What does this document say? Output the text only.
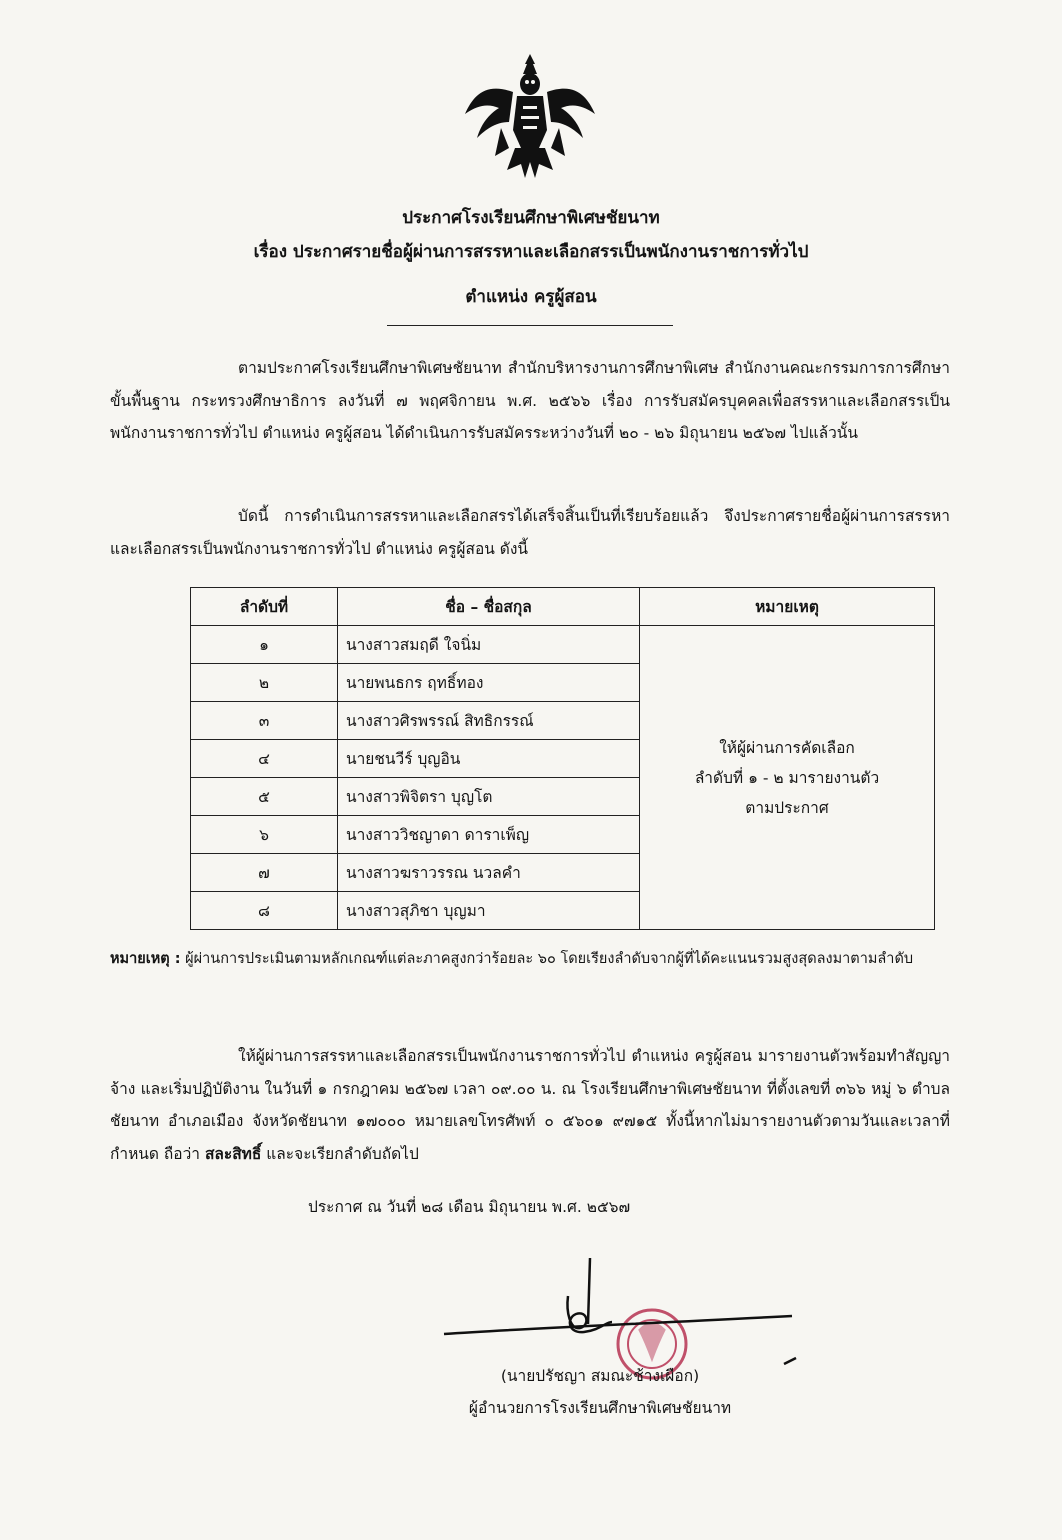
ประกาศโรงเรียนศึกษาพิเศษชัยนาท
เรื่อง ประกาศรายชื่อผู้ผ่านการสรรหาและเลือกสรรเป็นพนักงานราชการทั่วไป
ตำแหน่ง ครูผู้สอน
ตามประกาศโรงเรียนศึกษาพิเศษชัยนาท สำนักบริหารงานการศึกษาพิเศษ สำนักงานคณะกรรมการการศึกษาขั้นพื้นฐาน กระทรวงศึกษาธิการ ลงวันที่ ๗ พฤศจิกายน พ.ศ. ๒๕๖๖ เรื่อง การรับสมัครบุคคลเพื่อสรรหาและเลือกสรรเป็นพนักงานราชการทั่วไป ตำแหน่ง ครูผู้สอน ได้ดำเนินการรับสมัครระหว่างวันที่ ๒๐ - ๒๖ มิถุนายน ๒๕๖๗ ไปแล้วนั้น
บัดนี้ การดำเนินการสรรหาและเลือกสรรได้เสร็จสิ้นเป็นที่เรียบร้อยแล้ว จึงประกาศรายชื่อผู้ผ่านการสรรหาและเลือกสรรเป็นพนักงานราชการทั่วไป ตำแหน่ง ครูผู้สอน ดังนี้
ลำดับที่	ชื่อ – ชื่อสกุล	หมายเหตุ
๑	นางสาวสมฤดี ใจนิ่ม	ให้ผู้ผ่านการคัดเลือก
ลำดับที่ ๑ - ๒ มารายงานตัว
ตามประกาศ

๒	นายพนธกร ฤทธิ์ทอง	
๓	นางสาวศิรพรรณ์ สิทธิกรรณ์	
๔	นายชนวีร์ บุญอิน	
๕	นางสาวพิจิตรา บุญโต	
๖	นางสาววิชญาดา ดาราเพ็ญ	
๗	นางสาวฆราวรรณ นวลคำ	
๘	นางสาวสุภิชา บุญมา	
หมายเหตุ : ผู้ผ่านการประเมินตามหลักเกณฑ์แต่ละภาคสูงกว่าร้อยละ ๖๐ โดยเรียงลำดับจากผู้ที่ได้คะแนนรวมสูงสุดลงมาตามลำดับ
ให้ผู้ผ่านการสรรหาและเลือกสรรเป็นพนักงานราชการทั่วไป ตำแหน่ง ครูผู้สอน มารายงานตัวพร้อมทำสัญญาจ้าง และเริ่มปฏิบัติงาน ในวันที่ ๑ กรกฎาคม ๒๕๖๗ เวลา ๐๙.๐๐ น. ณ โรงเรียนศึกษาพิเศษชัยนาท ที่ตั้งเลขที่ ๓๖๖ หมู่ ๖ ตำบลชัยนาท อำเภอเมือง จังหวัดชัยนาท ๑๗๐๐๐ หมายเลขโทรศัพท์ ๐ ๕๖๐๑ ๙๗๑๕ ทั้งนี้หากไม่มารายงานตัวตามวันและเวลาที่กำหนด ถือว่า สละสิทธิ์ และจะเรียกลำดับถัดไป
ประกาศ ณ วันที่ ๒๘ เดือน มิถุนายน พ.ศ. ๒๕๖๗
(นายปรัชญา สมณะช้างเผือก)
ผู้อำนวยการโรงเรียนศึกษาพิเศษชัยนาท
